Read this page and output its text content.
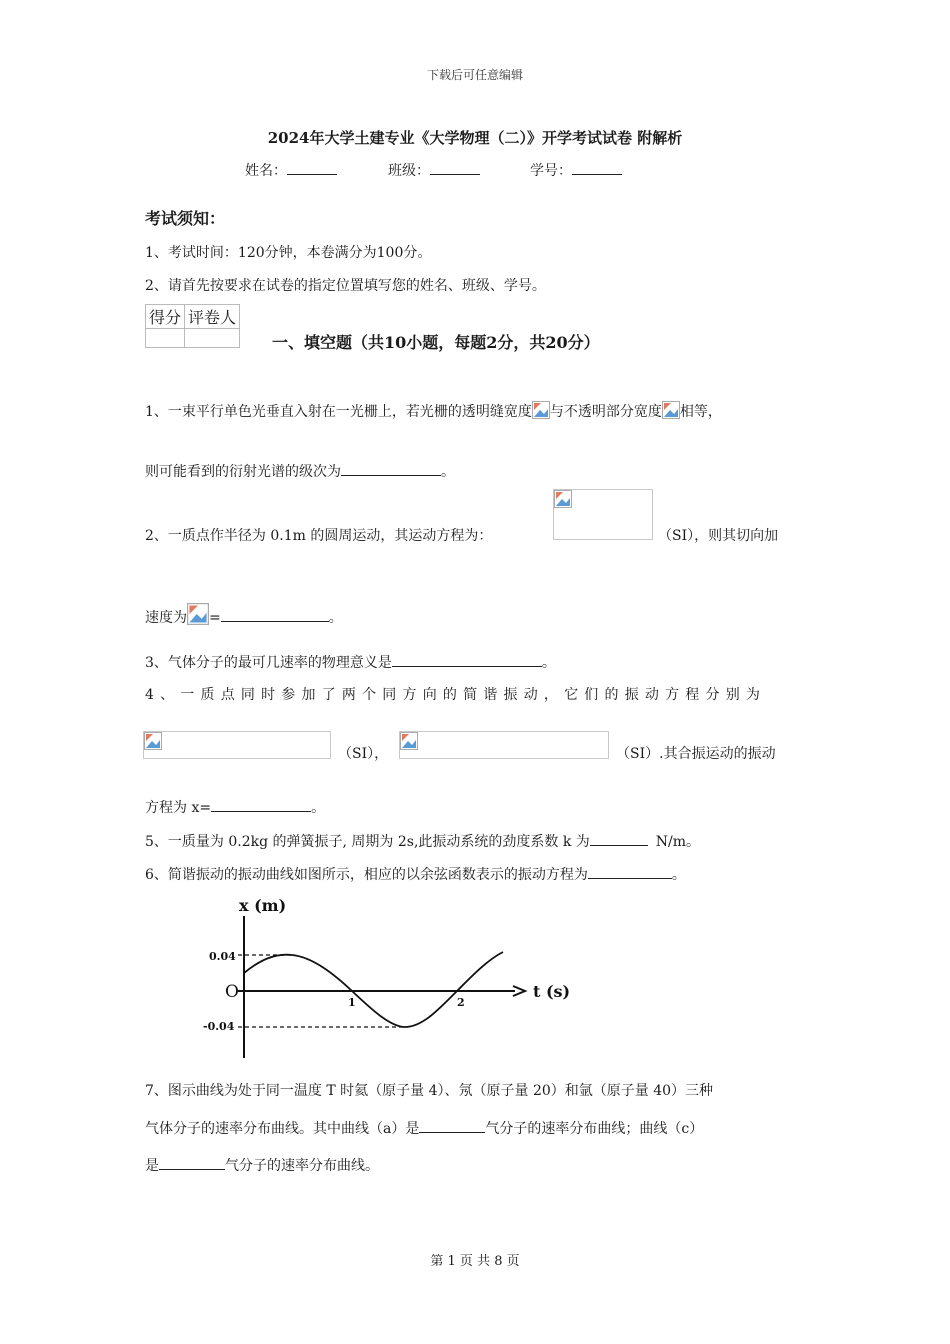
下载后可任意编辑
2024年大学土建专业《大学物理（二）》开学考试试卷 附解析
姓名：	班级：	学号：
考试须知：
1、考试时间：120分钟，本卷满分为100分。
2、请首先按要求在试卷的指定位置填写您的姓名、班级、学号。
得分	评卷人

一、填空题（共10小题，每题2分，共20分）
1、一束平行单色光垂直入射在一光栅上，若光栅的透明缝宽度 与不透明部分宽度 相等，
则可能看到的衍射光谱的级次为	。
2、一质点作半径为 0.1m 的圆周运动，其运动方程为：	（SI），则其切向加
速度为 =	。
3、气体分子的最可几速率的物理意义是	。
4、一质点同时参加了两个同方向的简谐振动，它们的振动方程分别为
（SI），	（SI）.其合振运动的振动
方程为 x=	。
5、一质量为 0.2kg 的弹簧振子, 周期为 2s,此振动系统的劲度系数 k 为	N/m。
6、简谐振动的振动曲线如图所示，相应的以余弦函数表示的振动方程为	。
x (m)
t (s)
O
0.04
-0.04
1	2
7、图示曲线为处于同一温度 T 时氦（原子量 4）、氖（原子量 20）和氩（原子量 40）三种
气体分子的速率分布曲线。其中曲线（a）是	气分子的速率分布曲线；曲线（c）
是	气分子的速率分布曲线。
第 1 页 共 8 页
